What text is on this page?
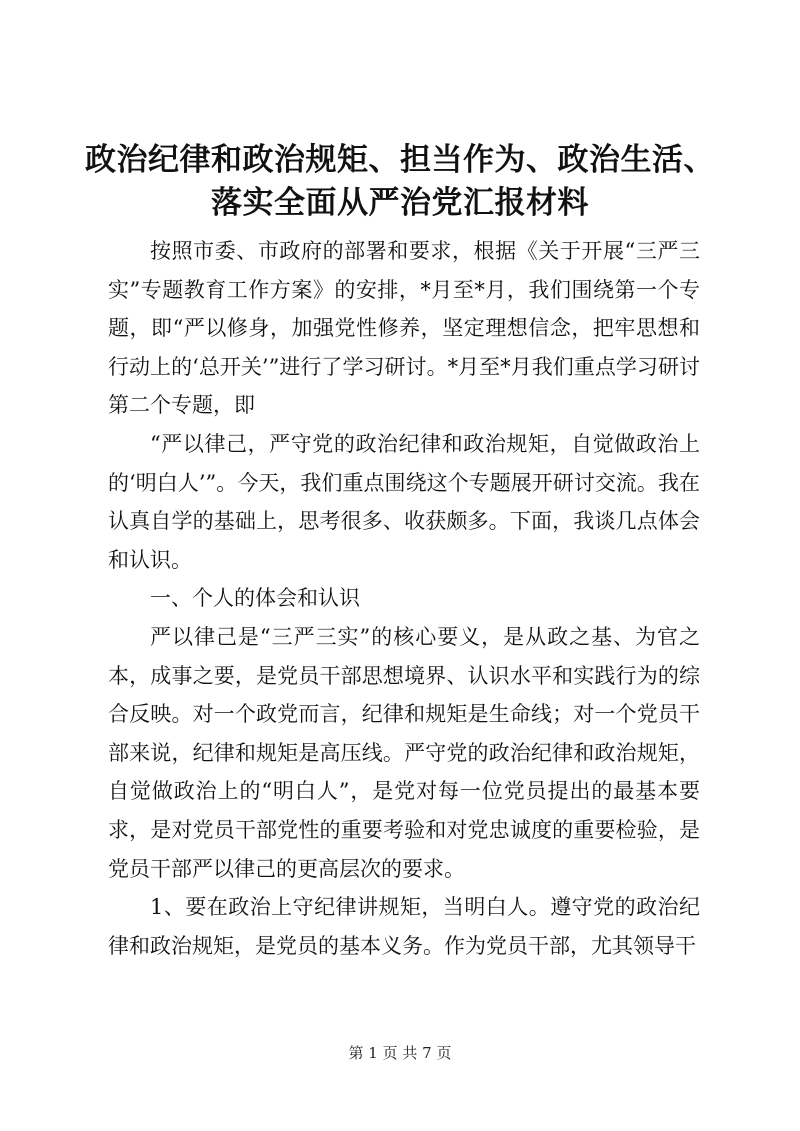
政治纪律和政治规矩、担当作为、政治生活、
落实全面从严治党汇报材料

按照市委、市政府的部署和要求，根据《关于开展“三严三实”专题教育工作方案》的安排，*月至*月，我们围绕第一个专题，即“严以修身，加强党性修养，坚定理想信念，把牢思想和行动上的‘总开关’”进行了学习研讨。*月至*月我们重点学习研讨第二个专题，即

“严以律己，严守党的政治纪律和政治规矩，自觉做政治上的‘明白人’”。今天，我们重点围绕这个专题展开研讨交流。我在认真自学的基础上，思考很多、收获颇多。下面，我谈几点体会和认识。

一、个人的体会和认识

严以律己是“三严三实”的核心要义，是从政之基、为官之本，成事之要，是党员干部思想境界、认识水平和实践行为的综合反映。对一个政党而言，纪律和规矩是生命线；对一个党员干部来说，纪律和规矩是高压线。严守党的政治纪律和政治规矩，自觉做政治上的“明白人”，是党对每一位党员提出的最基本要求，是对党员干部党性的重要考验和对党忠诚度的重要检验，是党员干部严以律己的更高层次的要求。

1、要在政治上守纪律讲规矩，当明白人。遵守党的政治纪律和政治规矩，是党员的基本义务。作为党员干部，尤其领导干

第 1 页 共 7 页
